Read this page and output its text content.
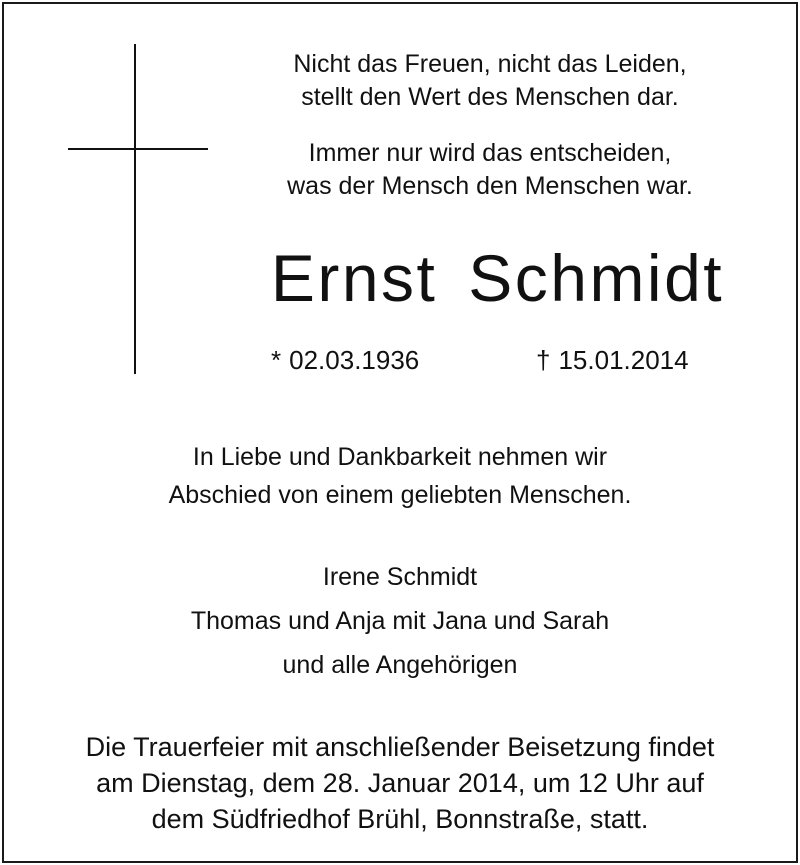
Nicht das Freuen, nicht das Leiden,
stellt den Wert des Menschen dar.
Immer nur wird das entscheiden,
was der Mensch den Menschen war.
Ernst Schmidt
* 02.03.1936	† 15.01.2014
In Liebe und Dankbarkeit nehmen wir
Abschied von einem geliebten Menschen.
Irene Schmidt
Thomas und Anja mit Jana und Sarah
und alle Angehörigen
Die Trauerfeier mit anschließender Beisetzung findet
am Dienstag, dem 28. Januar 2014, um 12 Uhr auf
dem Südfriedhof Brühl, Bonnstraße, statt.
